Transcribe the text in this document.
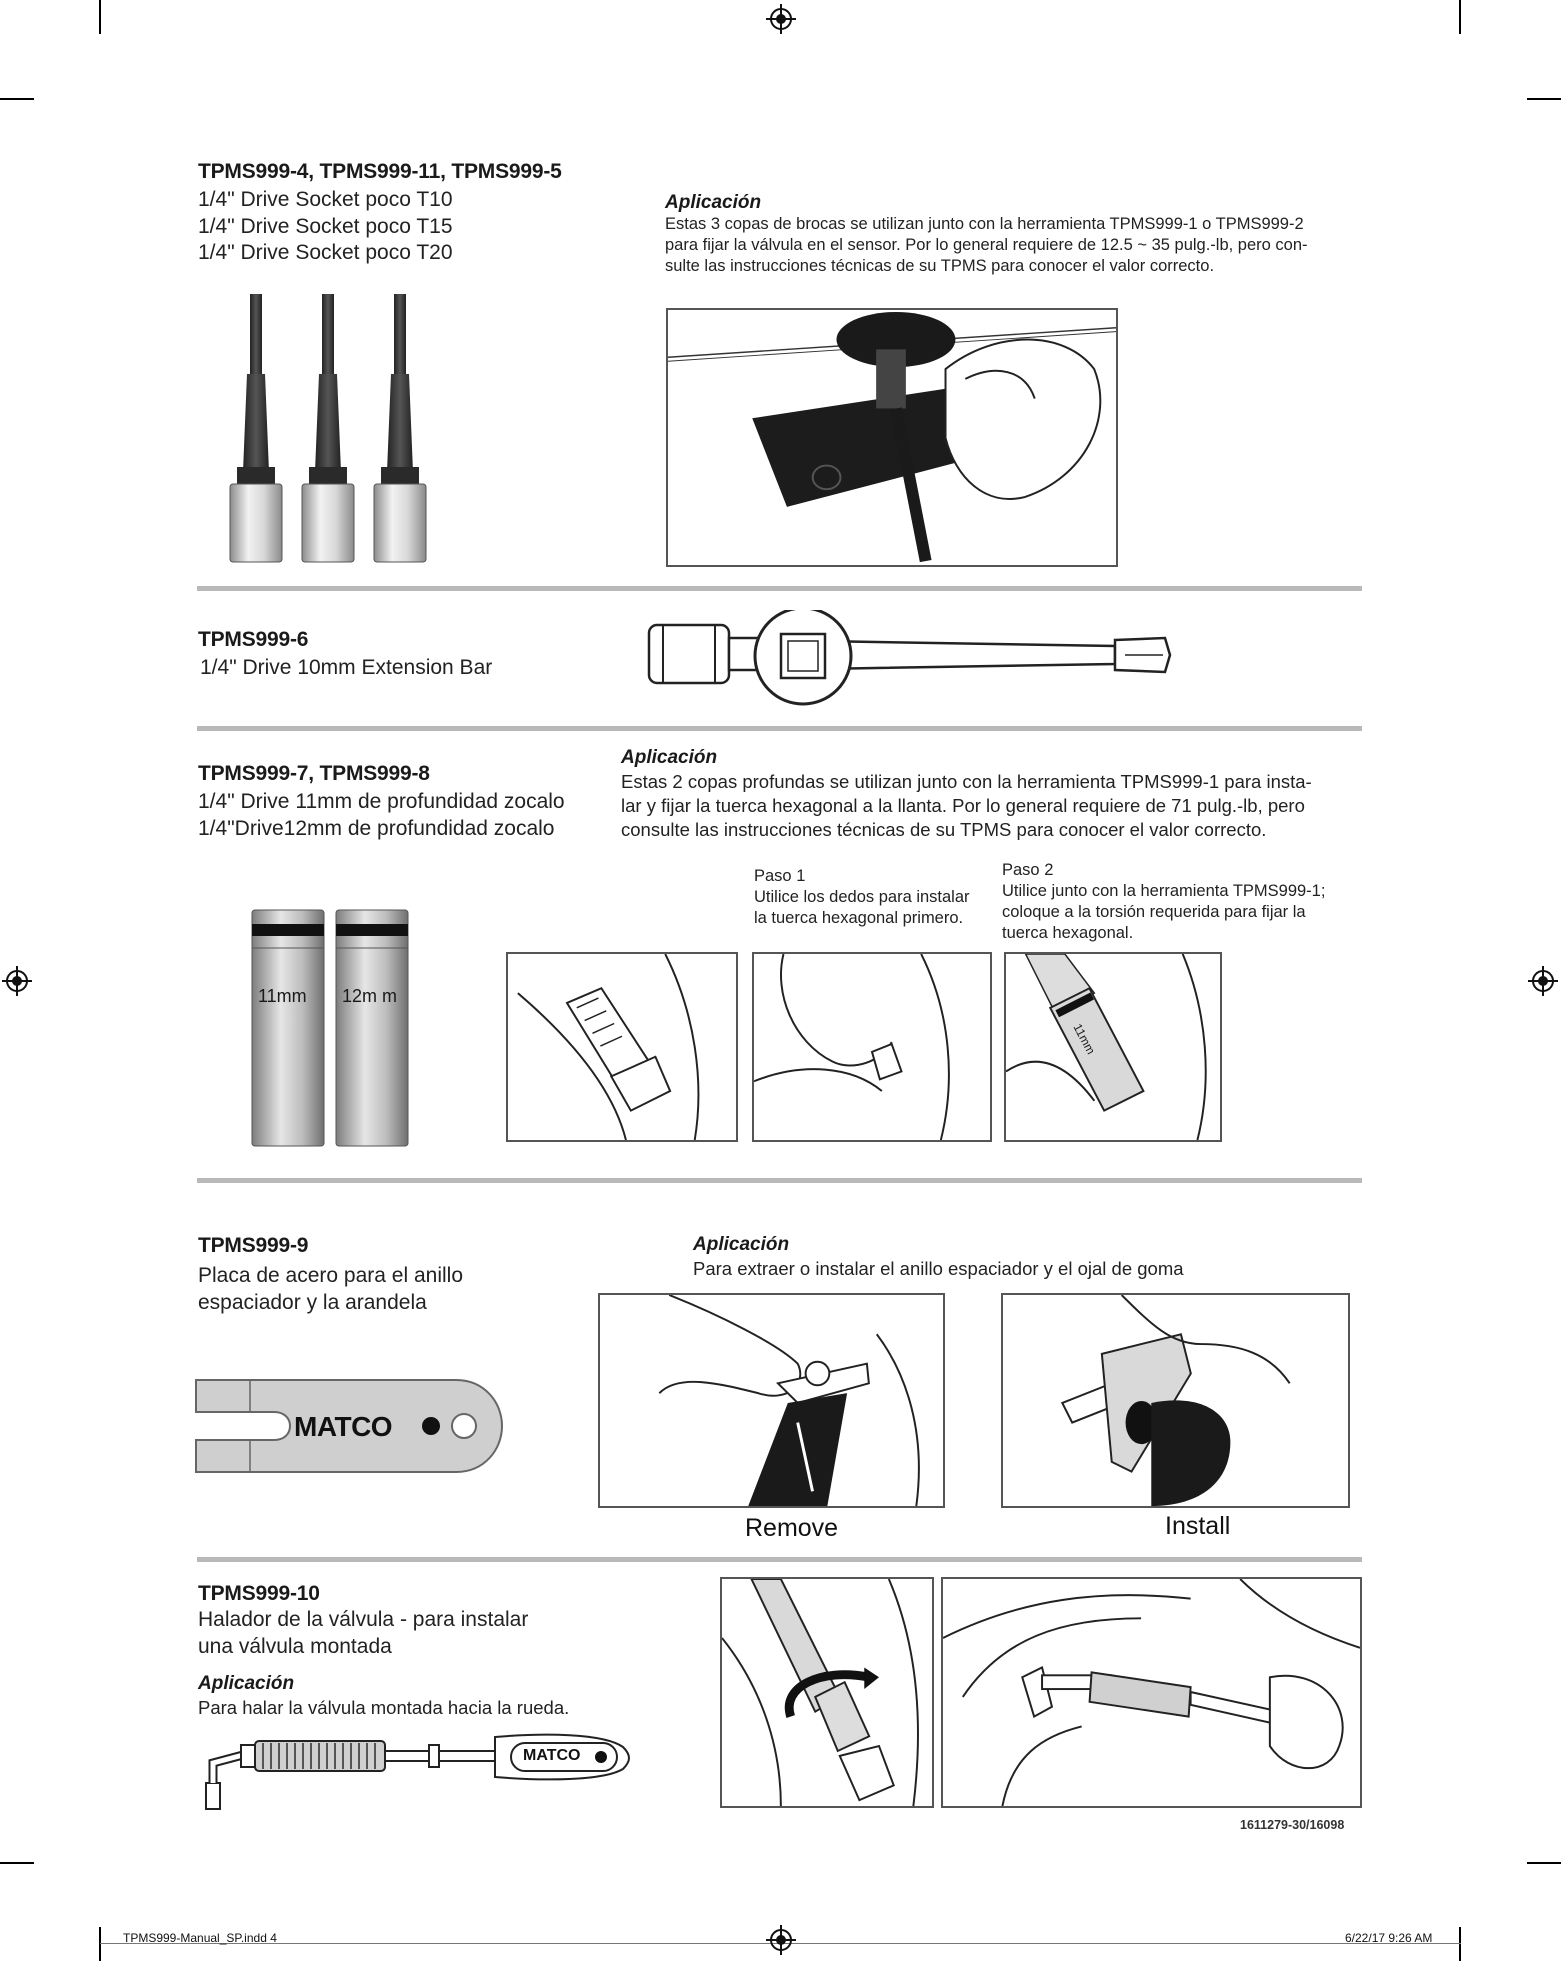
TPMS999-4, TPMS999-11, TPMS999-5
1/4" Drive Socket poco T10
1/4" Drive Socket poco T15
1/4" Drive Socket poco T20
Aplicación
Estas 3 copas de brocas se utilizan junto con la herramienta TPMS999-1 o TPMS999-2
para fijar la válvula en el sensor. Por lo general requiere de 12.5 ~ 35 pulg.-lb, pero con-
sulte las instrucciones técnicas de su TPMS para conocer el valor correcto.
TPMS999-6
1/4" Drive 10mm Extension Bar
TPMS999-7, TPMS999-8
1/4" Drive 11mm de profundidad zocalo
1/4"Drive12mm de profundidad zocalo
Aplicación
Estas 2 copas profundas se utilizan junto con la herramienta TPMS999-1 para insta-
lar y fijar la tuerca hexagonal a la llanta. Por lo general requiere de 71 pulg.-lb, pero
consulte las instrucciones técnicas de su TPMS para conocer el valor correcto.
11mm 12m m
Paso 1
Utilice los dedos para instalar
la tuerca hexagonal primero.
Paso 2
Utilice junto con la herramienta TPMS999-1;
coloque a la torsión requerida para fijar la
tuerca hexagonal.
11mm
TPMS999-9
Placa de acero para el anillo
espaciador y la arandela
Aplicación
Para extraer o instalar el anillo espaciador y el ojal de goma
MATCO
Remove	Install
TPMS999-10
Halador de la válvula - para instalar
una válvula montada
Aplicación
Para halar la válvula montada hacia la rueda.
MATCO
1611279-30/16098
TPMS999-Manual_SP.indd 4	6/22/17 9:26 AM
